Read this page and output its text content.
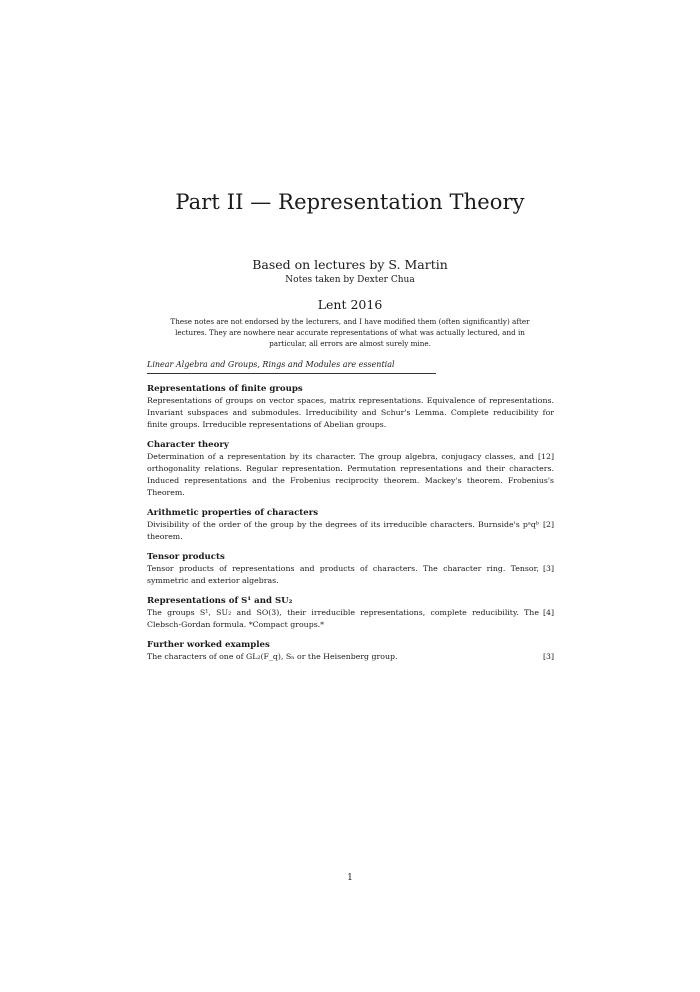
Part II — Representation Theory
Based on lectures by S. Martin
Notes taken by Dexter Chua
Lent 2016
These notes are not endorsed by the lecturers, and I have modified them (often significantly) after lectures. They are nowhere near accurate representations of what was actually lectured, and in particular, all errors are almost surely mine.
Linear Algebra and Groups, Rings and Modules are essential
Representations of finite groups
Representations of groups on vector spaces, matrix representations. Equivalence of representations. Invariant subspaces and submodules. Irreducibility and Schur's Lemma. Complete reducibility for finite groups. Irreducible representations of Abelian groups.
Character theory
[12]
Determination of a representation by its character. The group algebra, conjugacy classes, and orthogonality relations. Regular representation. Permutation representations and their characters. Induced representations and the Frobenius reciprocity theorem. Mackey's theorem. Frobenius's Theorem.
Arithmetic properties of characters
[2]
Divisibility of the order of the group by the degrees of its irreducible characters. Burnside's pᵃqᵇ theorem.
Tensor products
[3]
Tensor products of representations and products of characters. The character ring. Tensor, symmetric and exterior algebras.
Representations of S¹ and SU₂
[4]
The groups S¹, SU₂ and SO(3), their irreducible representations, complete reducibility. The Clebsch-Gordan formula. *Compact groups.*
Further worked examples
[3]
The characters of one of GL₂(F_q), Sₙ or the Heisenberg group.
1
